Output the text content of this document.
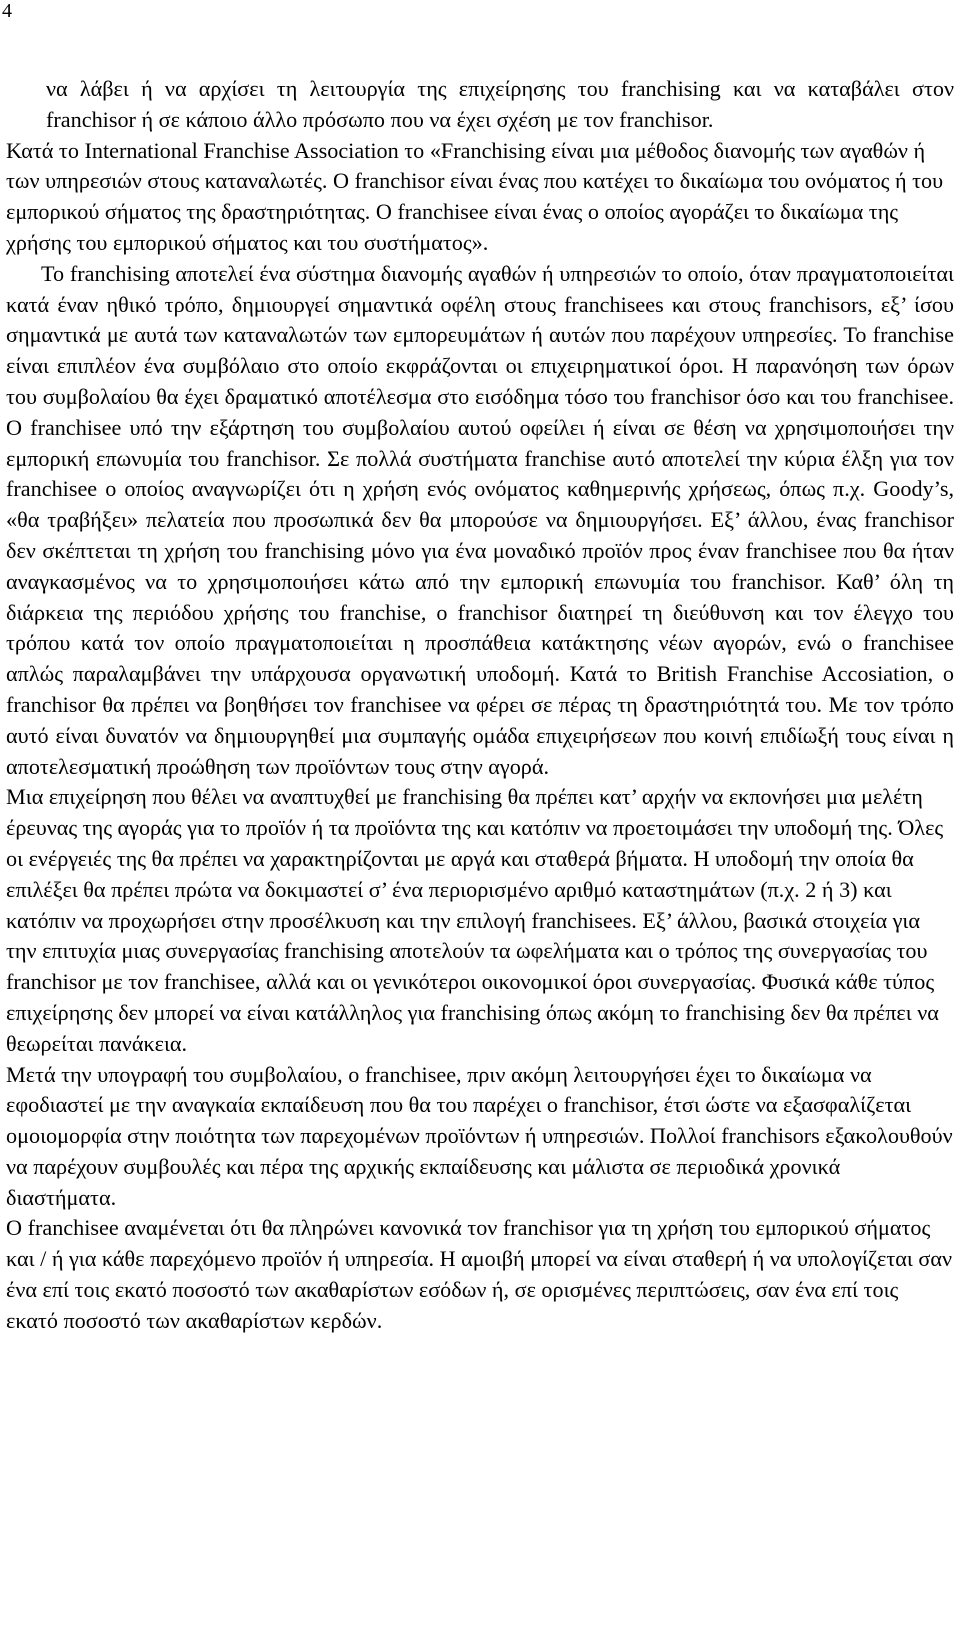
4

να λάβει ή να αρχίσει τη λειτουργία της επιχείρησης του franchising και να καταβάλει στον franchisor ή σε κάποιο άλλο πρόσωπο που να έχει σχέση με τον franchisor.

Κατά το International Franchise Association το «Franchising είναι μια μέθοδος διανομής των αγαθών ή των υπηρεσιών στους καταναλωτές. Ο franchisor είναι ένας που κατέχει το δικαίωμα του ονόματος ή του εμπορικού σήματος της δραστηριότητας. Ο franchisee είναι ένας ο οποίος αγοράζει το δικαίωμα της χρήσης του εμπορικού σήματος και του συστήματος».

Το franchising αποτελεί ένα σύστημα διανομής αγαθών ή υπηρεσιών το οποίο, όταν πραγματοποιείται κατά έναν ηθικό τρόπο, δημιουργεί σημαντικά οφέλη στους franchisees και στους franchisors, εξ’ ίσου σημαντικά με αυτά των καταναλωτών των εμπορευμάτων ή αυτών που παρέχουν υπηρεσίες. Το franchise είναι επιπλέον ένα συμβόλαιο στο οποίο εκφράζονται οι επιχειρηματικοί όροι. Η παρανόηση των όρων του συμβολαίου θα έχει δραματικό αποτέλεσμα στο εισόδημα τόσο του franchisor όσο και του franchisee. Ο franchisee υπό την εξάρτηση του συμβολαίου αυτού οφείλει ή είναι σε θέση να χρησιμοποιήσει την εμπορική επωνυμία του franchisor. Σε πολλά συστήματα franchise αυτό αποτελεί την κύρια έλξη για τον franchisee ο οποίος αναγνωρίζει ότι η χρήση ενός ονόματος καθημερινής χρήσεως, όπως π.χ. Goody’s, «θα τραβήξει» πελατεία που προσωπικά δεν θα μπορούσε να δημιουργήσει. Εξ’ άλλου, ένας franchisor δεν σκέπτεται τη χρήση του franchising μόνο για ένα μοναδικό προϊόν προς έναν franchisee που θα ήταν αναγκασμένος να το χρησιμοποιήσει κάτω από την εμπορική επωνυμία του franchisor. Καθ’ όλη τη διάρκεια της περιόδου χρήσης του franchise, ο franchisor διατηρεί τη διεύθυνση και τον έλεγχο του τρόπου κατά τον οποίο πραγματοποιείται η προσπάθεια κατάκτησης νέων αγορών, ενώ ο franchisee απλώς παραλαμβάνει την υπάρχουσα οργανωτική υποδομή. Κατά το British Franchise Accosiation, ο franchisor θα πρέπει να βοηθήσει τον franchisee να φέρει σε πέρας τη δραστηριότητά του. Με τον τρόπο αυτό είναι δυνατόν να δημιουργηθεί μια συμπαγής ομάδα επιχειρήσεων που κοινή επιδίωξή τους είναι η αποτελεσματική προώθηση των προϊόντων τους στην αγορά.

Μια επιχείρηση που θέλει να αναπτυχθεί με franchising θα πρέπει κατ’ αρχήν να εκπονήσει μια μελέτη έρευνας της αγοράς για το προϊόν ή τα προϊόντα της και κατόπιν να προετοιμάσει την υποδομή της. Όλες οι ενέργειές της θα πρέπει να χαρακτηρίζονται με αργά και σταθερά βήματα. Η υποδομή την οποία θα επιλέξει θα πρέπει πρώτα να δοκιμαστεί σ’ ένα περιορισμένο αριθμό καταστημάτων (π.χ. 2 ή 3) και κατόπιν να προχωρήσει στην προσέλκυση και την επιλογή franchisees. Εξ’ άλλου, βασικά στοιχεία για την επιτυχία μιας συνεργασίας franchising αποτελούν τα ωφελήματα και ο τρόπος της συνεργασίας του franchisor με τον franchisee, αλλά και οι γενικότεροι οικονομικοί όροι συνεργασίας. Φυσικά κάθε τύπος επιχείρησης δεν μπορεί να είναι κατάλληλος για franchising όπως ακόμη το franchising δεν θα πρέπει να θεωρείται πανάκεια.

Μετά την υπογραφή του συμβολαίου, ο franchisee, πριν ακόμη λειτουργήσει έχει το δικαίωμα να εφοδιαστεί με την αναγκαία εκπαίδευση που θα του παρέχει ο franchisor, έτσι ώστε να εξασφαλίζεται ομοιομορφία στην ποιότητα των παρεχομένων προϊόντων ή υπηρεσιών. Πολλοί franchisors εξακολουθούν να παρέχουν συμβουλές και πέρα της αρχικής εκπαίδευσης και μάλιστα σε περιοδικά χρονικά διαστήματα.

Ο franchisee αναμένεται ότι θα πληρώνει κανονικά τον franchisor για τη χρήση του εμπορικού σήματος και / ή για κάθε παρεχόμενο προϊόν ή υπηρεσία. Η αμοιβή μπορεί να είναι σταθερή ή να υπολογίζεται σαν ένα επί τοις εκατό ποσοστό των ακαθαρίστων εσόδων ή, σε ορισμένες περιπτώσεις, σαν ένα επί τοις εκατό ποσοστό των ακαθαρίστων κερδών.
